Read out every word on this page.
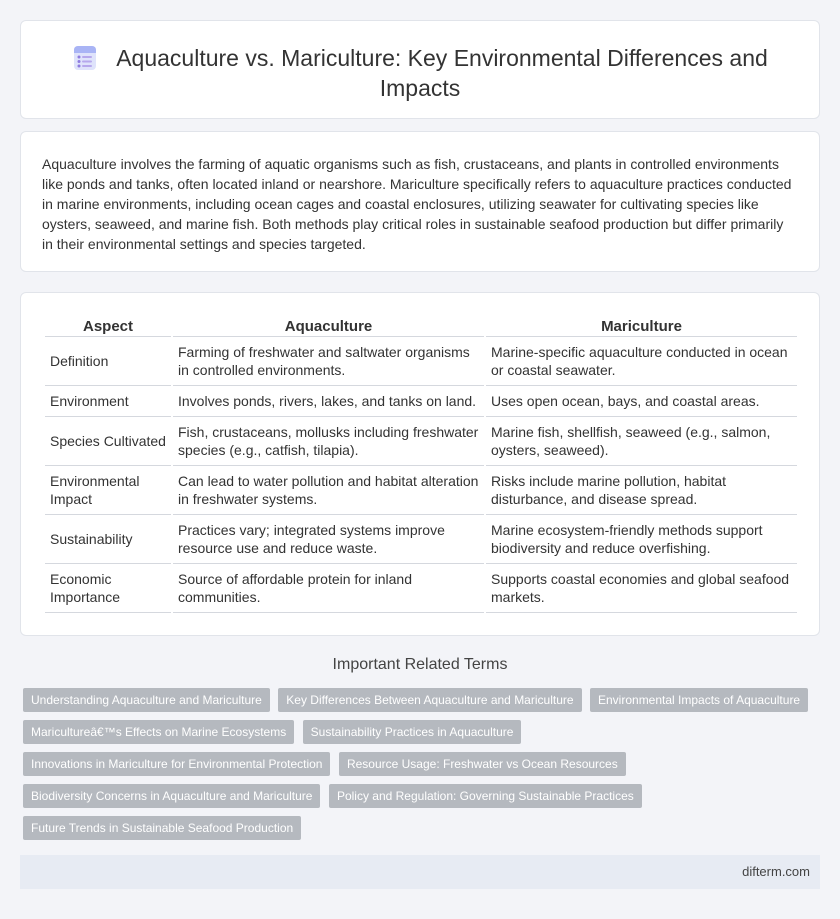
Aquaculture vs. Mariculture: Key Environmental Differences and Impacts

Aquaculture involves the farming of aquatic organisms such as fish, crustaceans, and plants in controlled environments like ponds and tanks, often located inland or nearshore. Mariculture specifically refers to aquaculture practices conducted in marine environments, including ocean cages and coastal enclosures, utilizing seawater for cultivating species like oysters, seaweed, and marine fish. Both methods play critical roles in sustainable seafood production but differ primarily in their environmental settings and species targeted.

Aspect	Aquaculture	Mariculture
Definition	Farming of freshwater and saltwater organisms in controlled environments.	Marine-specific aquaculture conducted in ocean or coastal seawater.
Environment	Involves ponds, rivers, lakes, and tanks on land.	Uses open ocean, bays, and coastal areas.
Species Cultivated	Fish, crustaceans, mollusks including freshwater species (e.g., catfish, tilapia).	Marine fish, shellfish, seaweed (e.g., salmon, oysters, seaweed).
Environmental Impact	Can lead to water pollution and habitat alteration in freshwater systems.	Risks include marine pollution, habitat disturbance, and disease spread.
Sustainability	Practices vary; integrated systems improve resource use and reduce waste.	Marine ecosystem-friendly methods support biodiversity and reduce overfishing.
Economic Importance	Source of affordable protein for inland communities.	Supports coastal economies and global seafood markets.
Important Related Terms
Understanding Aquaculture and Mariculture Key Differences Between Aquaculture and Mariculture Environmental Impacts of Aquaculture
Maricultureâ€™s Effects on Marine Ecosystems Sustainability Practices in Aquaculture
Innovations in Mariculture for Environmental Protection Resource Usage: Freshwater vs Ocean Resources
Biodiversity Concerns in Aquaculture and Mariculture Policy and Regulation: Governing Sustainable Practices
Future Trends in Sustainable Seafood Production
difterm.com
